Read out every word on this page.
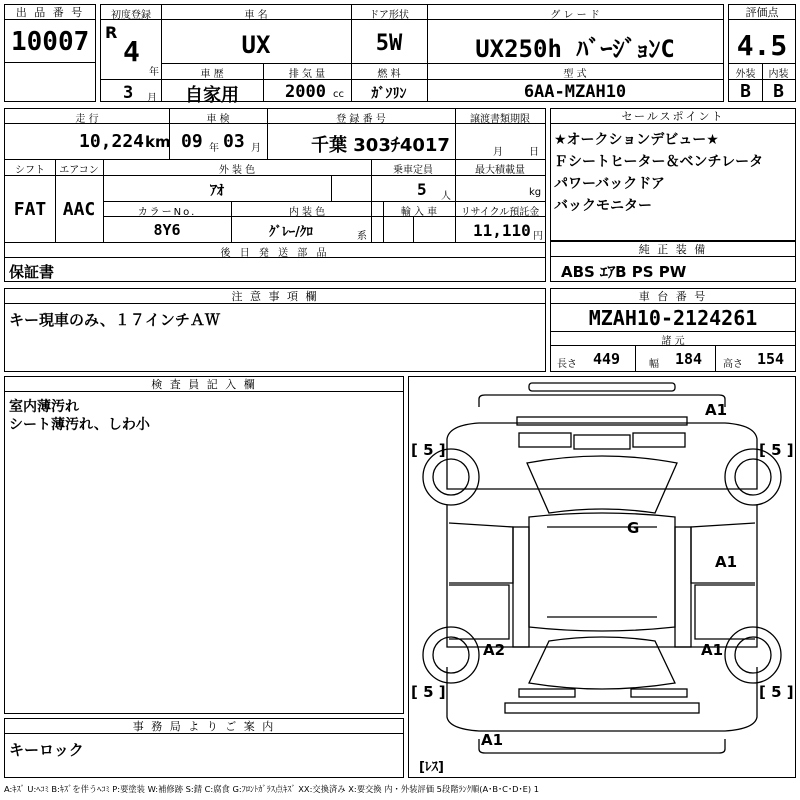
出 品 番 号
10007
初度登録	車 名	ドア形状	グ レ ー ド
R
4
年
3 月
UX	5W	UX250h ﾊﾞｰｼﾞｮﾝC
車 歴	排 気 量	燃 料	型 式
自家用	2000 cc	ｶﾞｿﾘﾝ	6AA-MZAH10
評価点
4.5
外装	内装
B	B
走 行	車 検	登 録 番 号	譲渡書類期限
10,224 km 09 年 03 月	千葉 303ﾁ4017	月	日
シフト	エアコン	外 装 色	乗車定員	最大積載量
FAT AAC
ｱｵ	5 人	kg
カラーNo.	内 装 色	輸 入 車	リサイクル預託金
8Y6	ｸﾞﾚｰ/ｸﾛ	系	11,110 円
後 日 発 送 部 品
保証書
セールスポイント
★オークションデビュー★
Ｆシートヒーター＆ベンチレータ
パワーバックドア
バックモニター
純 正 装 備
ABS ｴｱB PS PW
注 意 事 項 欄
キー現車のみ、１７インチＡＷ
車 台 番 号
MZAH10-2124261
諸 元
長さ 449	幅 184 高さ 154
検 査 員 記 入 欄
室内薄汚れ
シート薄汚れ、しわ小
事 務 局 よ り ご 案 内
キーロック
A1
G
A1
A2	A1
A1
[ 5 ]	[ 5 ]
[ 5 ]	[ 5 ]
[ﾚｽ]
A:ｷｽﾞ U:ﾍｺﾐ B:ｷｽﾞを伴うﾍｺﾐ P:要塗装 W:補修跡 S:錆 C:腐食 G:ﾌﾛﾝﾄｶﾞﾗｽ点ｷｽﾞ XX:交換済み X:要交換 内・外装評価 5段階ﾗﾝｸ順(A･B･C･D･E) 1
